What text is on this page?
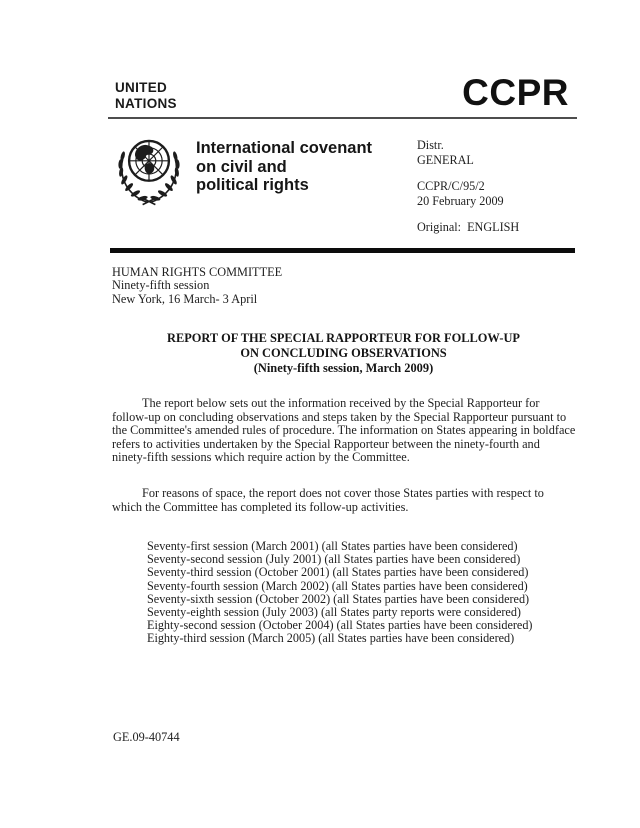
UNITED
NATIONS	CCPR
International covenant
on civil and
political rights
Distr.
GENERAL
CCPR/C/95/2
20 February 2009
Original:  ENGLISH
HUMAN RIGHTS COMMITTEE
Ninety-fifth session
New York, 16 March- 3 April
REPORT OF THE SPECIAL RAPPORTEUR FOR FOLLOW-UP
ON CONCLUDING OBSERVATIONS
(Ninety-fifth session, March 2009)

The report below sets out the information received by the Special Rapporteur for follow-up on concluding observations and steps taken by the Special Rapporteur pursuant to the Committee's amended rules of procedure. The information on States appearing in boldface refers to activities undertaken by the Special Rapporteur between the ninety-fourth and ninety-fifth sessions which require action by the Committee.

For reasons of space, the report does not cover those States parties with respect to which the Committee has completed its follow-up activities.

Seventy-first session (March 2001) (all States parties have been considered)
Seventy-second session (July 2001) (all States parties have been considered)
Seventy-third session (October 2001) (all States parties have been considered)
Seventy-fourth session (March 2002) (all States parties have been considered)
Seventy-sixth session (October 2002) (all States parties have been considered)
Seventy-eighth session (July 2003) (all States party reports were considered)
Eighty-second session (October 2004) (all States parties have been considered)
Eighty-third session (March 2005) (all States parties have been considered)
GE.09-40744
